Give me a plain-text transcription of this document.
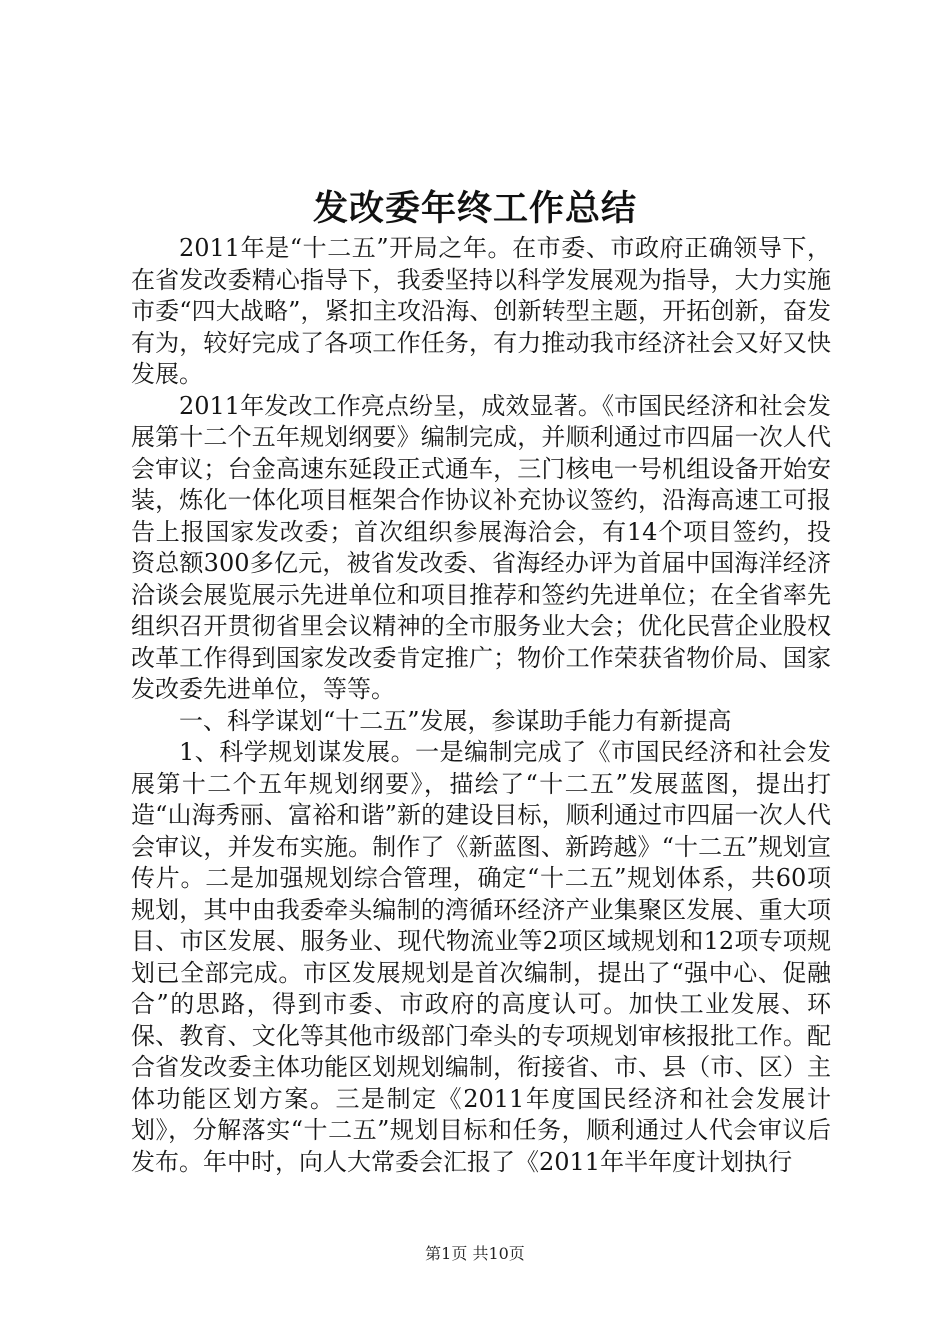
发改委年终工作总结

2011年是“十二五”开局之年。在市委、市政府正确领导下，在省发改委精心指导下，我委坚持以科学发展观为指导，大力实施市委“四大战略”，紧扣主攻沿海、创新转型主题，开拓创新，奋发有为，较好完成了各项工作任务，有力推动我市经济社会又好又快发展。

2011年发改工作亮点纷呈，成效显著。《市国民经济和社会发展第十二个五年规划纲要》编制完成，并顺利通过市四届一次人代会审议；台金高速东延段正式通车，三门核电一号机组设备开始安装，炼化一体化项目框架合作协议补充协议签约，沿海高速工可报告上报国家发改委；首次组织参展海洽会，有14个项目签约，投资总额300多亿元，被省发改委、省海经办评为首届中国海洋经济洽谈会展览展示先进单位和项目推荐和签约先进单位；在全省率先组织召开贯彻省里会议精神的全市服务业大会；优化民营企业股权改革工作得到国家发改委肯定推广；物价工作荣获省物价局、国家发改委先进单位，等等。

一、科学谋划“十二五”发展，参谋助手能力有新提高

1、科学规划谋发展。一是编制完成了《市国民经济和社会发展第十二个五年规划纲要》，描绘了“十二五”发展蓝图，提出打造“山海秀丽、富裕和谐”新的建设目标，顺利通过市四届一次人代会审议，并发布实施。制作了《新蓝图、新跨越》“十二五”规划宣传片。二是加强规划综合管理，确定“十二五”规划体系，共60项规划，其中由我委牵头编制的湾循环经济产业集聚区发展、重大项目、市区发展、服务业、现代物流业等2项区域规划和12项专项规划已全部完成。市区发展规划是首次编制，提出了“强中心、促融合”的思路，得到市委、市政府的高度认可。加快工业发展、环保、教育、文化等其他市级部门牵头的专项规划审核报批工作。配合省发改委主体功能区划规划编制，衔接省、市、县（市、区）主体功能区划方案。三是制定《2011年度国民经济和社会发展计划》，分解落实“十二五”规划目标和任务，顺利通过人代会审议后发布。年中时，向人大常委会汇报了《2011年半年度计划执行

第1页 共10页
